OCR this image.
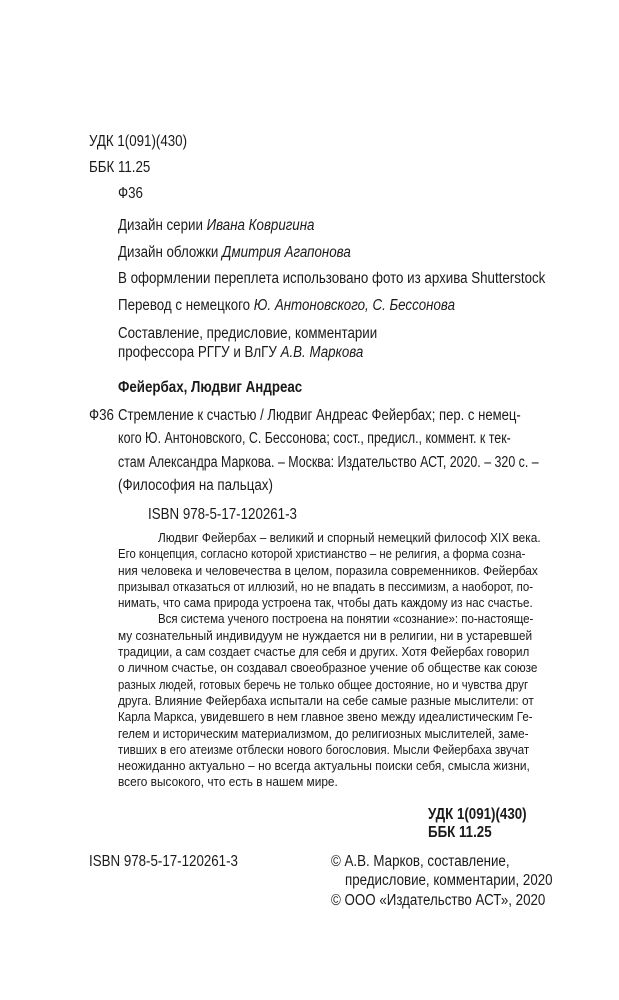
УДК 1(091)(430)
ББК 11.25
Ф36
Дизайн серии Ивана Ковригина
Дизайн обложки Дмитрия Агапонова
В оформлении переплета использовано фото из архива Shutterstock
Перевод с немецкого Ю. Антоновского, С. Бессонова
Составление, предисловие, комментарии
профессора РГГУ и ВлГУ А.В. Маркова
Фейербах, Людвиг Андреас
Ф36 Стремление к счастью / Людвиг Андреас Фейербах; пер. с немец-
кого Ю. Антоновского, С. Бессонова; сост., предисл., коммент. к тек-
стам Александра Маркова. – Москва: Издательство АСТ, 2020. – 320 с. –
(Философия на пальцах)
ISBN 978-5-17-120261-3
Людвиг Фейербах – великий и спорный немецкий философ XIX века.
Его концепция, согласно которой христианство – не религия, а форма созна-
ния человека и человечества в целом, поразила современников. Фейербах
призывал отказаться от иллюзий, но не впадать в пессимизм, а наоборот, по-
нимать, что сама природа устроена так, чтобы дать каждому из нас счастье.
Вся система ученого построена на понятии «сознание»: по-настояще-
му сознательный индивидуум не нуждается ни в религии, ни в устаревшей
традиции, а сам создает счастье для себя и других. Хотя Фейербах говорил
о личном счастье, он создавал своеобразное учение об обществе как союзе
разных людей, готовых беречь не только общее достояние, но и чувства друг
друга. Влияние Фейербаха испытали на себе самые разные мыслители: от
Карла Маркса, увидевшего в нем главное звено между идеалистическим Ге-
гелем и историческим материализмом, до религиозных мыслителей, заме-
тивших в его атеизме отблески нового богословия. Мысли Фейербаха звучат
неожиданно актуально – но всегда актуальны поиски себя, смысла жизни,
всего высокого, что есть в нашем мире.
УДК 1(091)(430)
ББК 11.25
ISBN 978-5-17-120261-3	© А.В. Марков, составление,
предисловие, комментарии, 2020
© ООО «Издательство АСТ», 2020
